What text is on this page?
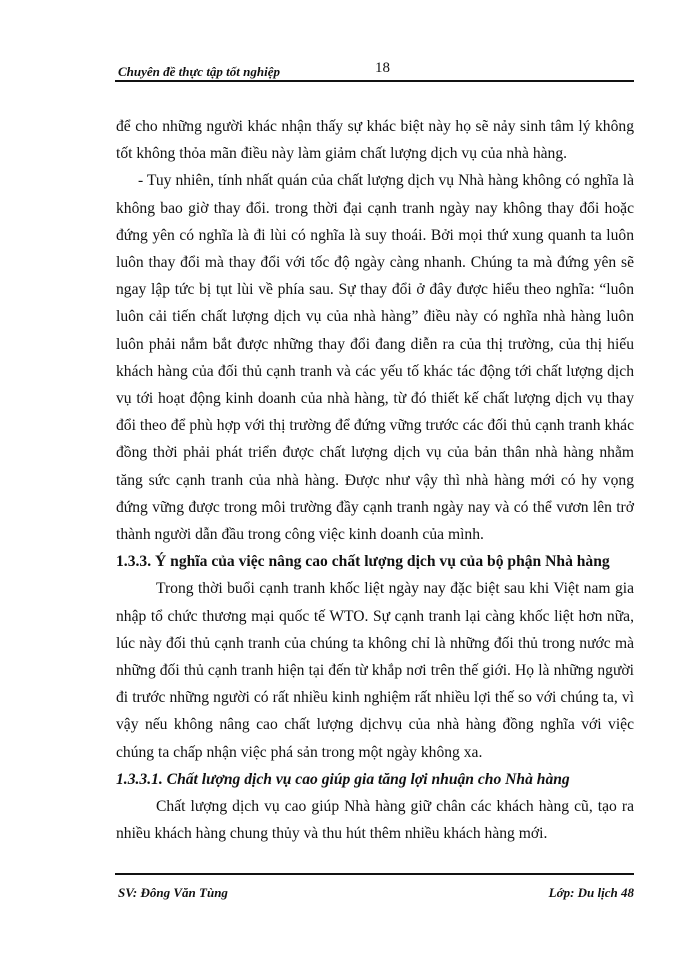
Chuyên đề thực tập tốt nghiệp	18

để cho những người khác nhận thấy sự khác biệt này họ sẽ nảy sinh tâm lý không tốt không thỏa mãn điều này làm giảm chất lượng dịch vụ của nhà hàng.

- Tuy nhiên, tính nhất quán của chất lượng dịch vụ Nhà hàng không có nghĩa là không bao giờ thay đổi. trong thời đại cạnh tranh ngày nay không thay đổi hoặc đứng yên có nghĩa là đi lùi có nghĩa là suy thoái. Bởi mọi thứ xung quanh ta luôn luôn thay đổi mà thay đổi với tốc độ ngày càng nhanh. Chúng ta mà đứng yên sẽ ngay lập tức bị tụt lùi về phía sau. Sự thay đổi ở đây được hiểu theo nghĩa: “luôn luôn cải tiến chất lượng dịch vụ của nhà hàng” điều này có nghĩa nhà hàng luôn luôn phải nắm bắt được những thay đổi đang diễn ra của thị trường, của thị hiếu khách hàng của đối thủ cạnh tranh và các yếu tố khác tác động tới chất lượng dịch vụ tới hoạt động kinh doanh của nhà hàng, từ đó thiết kế chất lượng dịch vụ thay đổi theo để phù hợp với thị trường để đứng vững trước các đối thủ cạnh tranh khác đồng thời phải phát triển được chất lượng dịch vụ của bản thân nhà hàng nhằm tăng sức cạnh tranh của nhà hàng. Được như vậy thì nhà hàng mới có hy vọng đứng vững được trong môi trường đầy cạnh tranh ngày nay và có thể vươn lên trở thành người dẫn đầu trong công việc kinh doanh của mình.

1.3.3. Ý nghĩa của việc nâng cao chất lượng dịch vụ của bộ phận Nhà hàng

Trong thời buổi cạnh tranh khốc liệt ngày nay đặc biệt sau khi Việt nam gia nhập tổ chức thương mại quốc tế WTO. Sự cạnh tranh lại càng khốc liệt hơn nữa, lúc này đối thủ cạnh tranh của chúng ta không chỉ là những đối thủ trong nước mà những đối thủ cạnh tranh hiện tại đến từ khắp nơi trên thế giới. Họ là những người đi trước những người có rất nhiều kinh nghiệm rất nhiều lợi thế so với chúng ta, vì vậy nếu không nâng cao chất lượng dịchvụ của nhà hàng đồng nghĩa với việc chúng ta chấp nhận việc phá sản trong một ngày không xa.

1.3.3.1. Chất lượng dịch vụ cao giúp gia tăng lợi nhuận cho Nhà hàng

Chất lượng dịch vụ cao giúp Nhà hàng giữ chân các khách hàng cũ, tạo ra nhiều khách hàng chung thủy và thu hút thêm nhiều khách hàng mới.

SV: Đông Văn Tùng	Lớp: Du lịch 48
